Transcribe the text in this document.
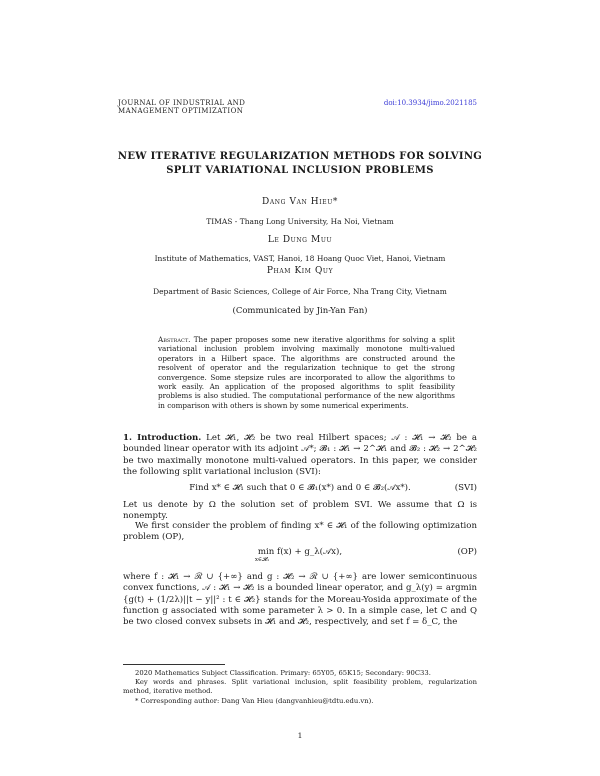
JOURNAL OF INDUSTRIAL AND
MANAGEMENT OPTIMIZATION
doi:10.3934/jimo.2021185
NEW ITERATIVE REGULARIZATION METHODS FOR SOLVING
SPLIT VARIATIONAL INCLUSION PROBLEMS
Dang Van Hieu*
TIMAS - Thang Long University, Ha Noi, Vietnam
Le Dung Muu
Institute of Mathematics, VAST, Hanoi, 18 Hoang Quoc Viet, Hanoi, Vietnam
Pham Kim Quy
Department of Basic Sciences, College of Air Force, Nha Trang City, Vietnam
(Communicated by Jin-Yan Fan)
Abstract. The paper proposes some new iterative algorithms for solving a split variational inclusion problem involving maximally monotone multi-valued operators in a Hilbert space. The algorithms are constructed around the resolvent of operator and the regularization technique to get the strong convergence. Some stepsize rules are incorporated to allow the algorithms to work easily. An application of the proposed algorithms to split feasibility problems is also studied. The computational performance of the new algorithms in comparison with others is shown by some numerical experiments.
1. Introduction. Let 𝓗₁, 𝓗₂ be two real Hilbert spaces; 𝒜 : 𝓗₁ → 𝓗₂ be a bounded linear operator with its adjoint 𝒜*; 𝓑₁ : 𝓗₁ → 2^𝓗₁ and 𝓑₂ : 𝓗₂ → 2^𝓗₂ be two maximally monotone multi-valued operators. In this paper, we consider the following split variational inclusion (SVI):
Find x* ∈ 𝓗₁ such that 0 ∈ 𝓑₁(x*) and 0 ∈ 𝓑₂(𝒜x*).	(SVI)
Let us denote by Ω the solution set of problem SVI. We assume that Ω is nonempty.
We first consider the problem of finding x* ∈ 𝓗₁ of the following optimization problem (OP),
min f(x) + g_λ(𝒜x),
x∈𝓗₁
(OP)
where f : 𝓗₁ → ℛ ∪ {+∞} and g : 𝓗₂ → ℛ ∪ {+∞} are lower semicontinuous convex functions, 𝒜 : 𝓗₁ → 𝓗₂ is a bounded linear operator, and g_λ(y) = argmin {g(t) + (1/2λ)||t − y||² : t ∈ 𝓗₂} stands for the Moreau-Yosida approximate of the function g associated with some parameter λ > 0. In a simple case, let C and Q be two closed convex subsets in 𝓗₁ and 𝓗₂, respectively, and set f = δ_C, the
2020 Mathematics Subject Classification. Primary: 65Y05, 65K15; Secondary: 90C33.
Key words and phrases. Split variational inclusion, split feasibility problem, regularization method, iterative method.
* Corresponding author: Dang Van Hieu (dangvanhieu@tdtu.edu.vn).
1
